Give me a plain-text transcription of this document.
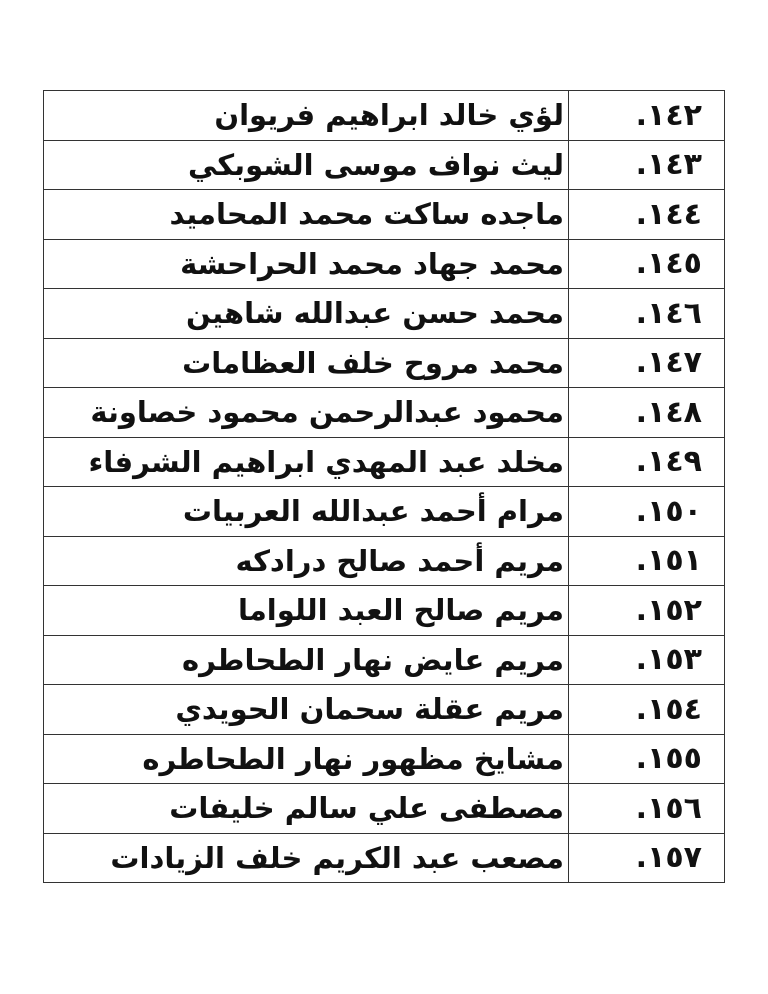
١٤٢.	لؤي خالد ابراهيم فريوان
١٤٣.	ليث نواف موسى الشوبكي
١٤٤.	ماجده ساكت محمد المحاميد
١٤٥.	محمد جهاد محمد الحراحشة
١٤٦.	محمد حسن عبدالله شاهين
١٤٧.	محمد مروح خلف العظامات
١٤٨.	محمود عبدالرحمن محمود خصاونة
١٤٩.	مخلد عبد المهدي ابراهيم الشرفاء
١٥٠.	مرام أحمد عبدالله العربيات
١٥١.	مريم أحمد صالح درادكه
١٥٢.	مريم صالح العبد اللواما
١٥٣.	مريم عايض نهار الطحاطره
١٥٤.	مريم عقلة سحمان الحويدي
١٥٥.	مشايخ مظهور نهار الطحاطره
١٥٦.	مصطفى علي سالم خليفات
١٥٧.	مصعب عبد الكريم خلف الزيادات
